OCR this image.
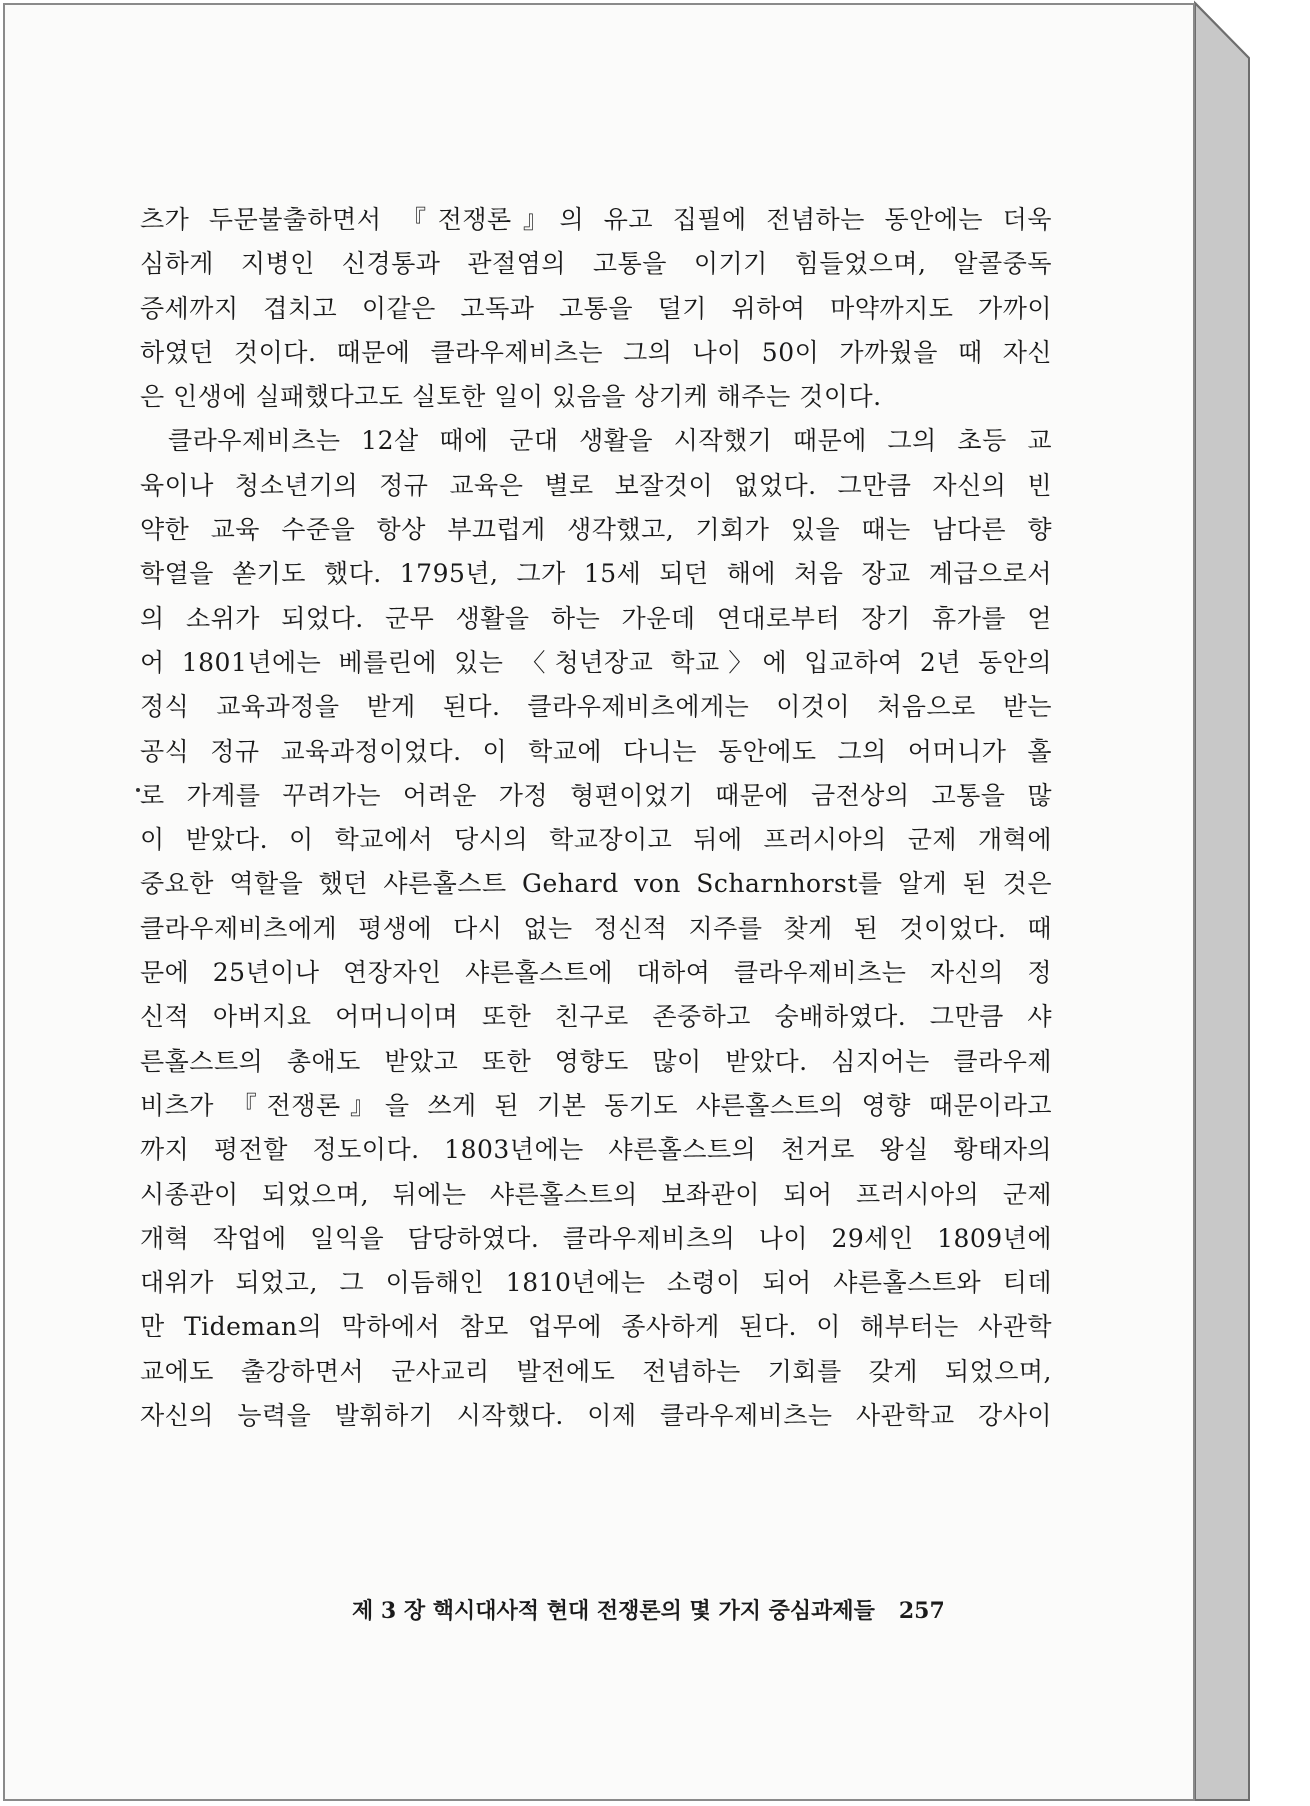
츠가 두문불출하면서 『전쟁론』의 유고 집필에 전념하는 동안에는 더욱
심하게 지병인 신경통과 관절염의 고통을 이기기 힘들었으며, 알콜중독
증세까지 겹치고 이같은 고독과 고통을 덜기 위하여 마약까지도 가까이
하였던 것이다. 때문에 클라우제비츠는 그의 나이 50이 가까웠을 때 자신
은 인생에 실패했다고도 실토한 일이 있음을 상기케 해주는 것이다.
클라우제비츠는 12살 때에 군대 생활을 시작했기 때문에 그의 초등 교
육이나 청소년기의 정규 교육은 별로 보잘것이 없었다. 그만큼 자신의 빈
약한 교육 수준을 항상 부끄럽게 생각했고, 기회가 있을 때는 남다른 향
학열을 쏟기도 했다. 1795년, 그가 15세 되던 해에 처음 장교 계급으로서
의 소위가 되었다. 군무 생활을 하는 가운데 연대로부터 장기 휴가를 얻
어 1801년에는 베를린에 있는 〈청년장교 학교〉에 입교하여 2년 동안의
정식 교육과정을 받게 된다. 클라우제비츠에게는 이것이 처음으로 받는
공식 정규 교육과정이었다. 이 학교에 다니는 동안에도 그의 어머니가 홀
로 가계를 꾸려가는 어려운 가정 형편이었기 때문에 금전상의 고통을 많
이 받았다. 이 학교에서 당시의 학교장이고 뒤에 프러시아의 군제 개혁에
중요한 역할을 했던 샤른홀스트 Gehard von Scharnhorst를 알게 된 것은
클라우제비츠에게 평생에 다시 없는 정신적 지주를 찾게 된 것이었다. 때
문에 25년이나 연장자인 샤른홀스트에 대하여 클라우제비츠는 자신의 정
신적 아버지요 어머니이며 또한 친구로 존중하고 숭배하였다. 그만큼 샤
른홀스트의 총애도 받았고 또한 영향도 많이 받았다. 심지어는 클라우제
비츠가 『전쟁론』을 쓰게 된 기본 동기도 샤른홀스트의 영향 때문이라고
까지 평전할 정도이다. 1803년에는 샤른홀스트의 천거로 왕실 황태자의
시종관이 되었으며, 뒤에는 샤른홀스트의 보좌관이 되어 프러시아의 군제
개혁 작업에 일익을 담당하였다. 클라우제비츠의 나이 29세인 1809년에
대위가 되었고, 그 이듬해인 1810년에는 소령이 되어 샤른홀스트와 티데
만 Tideman의 막하에서 참모 업무에 종사하게 된다. 이 해부터는 사관학
교에도 출강하면서 군사교리 발전에도 전념하는 기회를 갖게 되었으며,
자신의 능력을 발휘하기 시작했다. 이제 클라우제비츠는 사관학교 강사이
제 3 장 핵시대사적 현대 전쟁론의 몇 가지 중심과제들 257
